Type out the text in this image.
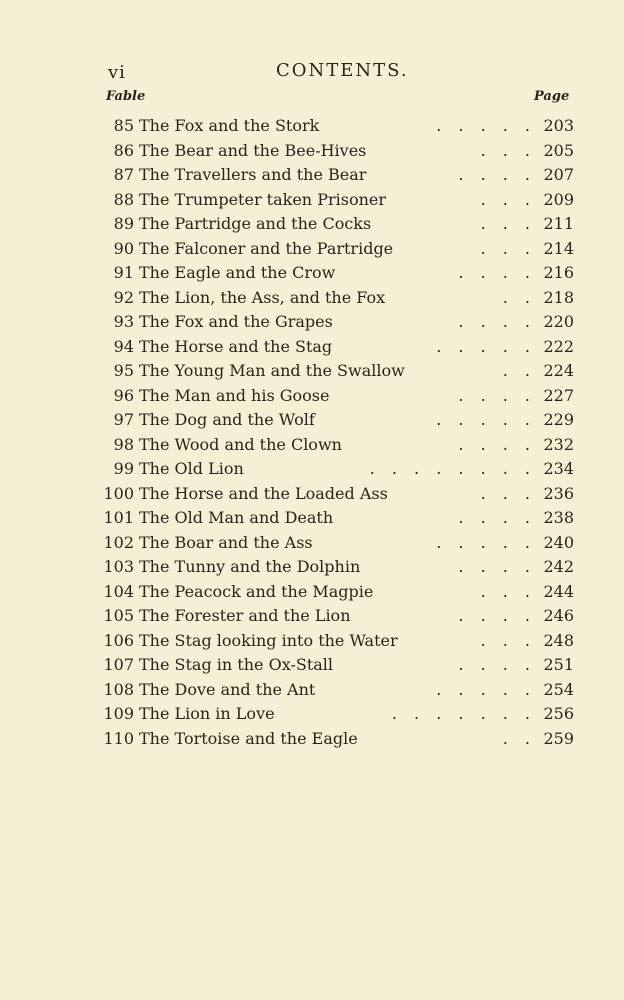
vi	CONTENTS.
Fable	Page
85 The Fox and the Stork	. . . . . 203
86 The Bear and the Bee-Hives	. . . 205
87 The Travellers and the Bear	. . . . 207
88 The Trumpeter taken Prisoner	. . . 209
89 The Partridge and the Cocks	. . . 211
90 The Falconer and the Partridge	. . . 214
91 The Eagle and the Crow	. . . . 216
92 The Lion, the Ass, and the Fox	. . 218
93 The Fox and the Grapes	. . . . 220
94 The Horse and the Stag	. . . . . 222
95 The Young Man and the Swallow	. . 224
96 The Man and his Goose	. . . . 227
97 The Dog and the Wolf	. . . . . 229
98 The Wood and the Clown	. . . . 232
99 The Old Lion	. . . . . . . . 234
100 The Horse and the Loaded Ass	. . . 236
101 The Old Man and Death	. . . . 238
102 The Boar and the Ass	. . . . . 240
103 The Tunny and the Dolphin	. . . . 242
104 The Peacock and the Magpie	. . . 244
105 The Forester and the Lion	. . . . 246
106 The Stag looking into the Water	. . . 248
107 The Stag in the Ox-Stall	. . . . 251
108 The Dove and the Ant	. . . . . 254
109 The Lion in Love	. . . . . . . 256
110 The Tortoise and the Eagle	. . 259
